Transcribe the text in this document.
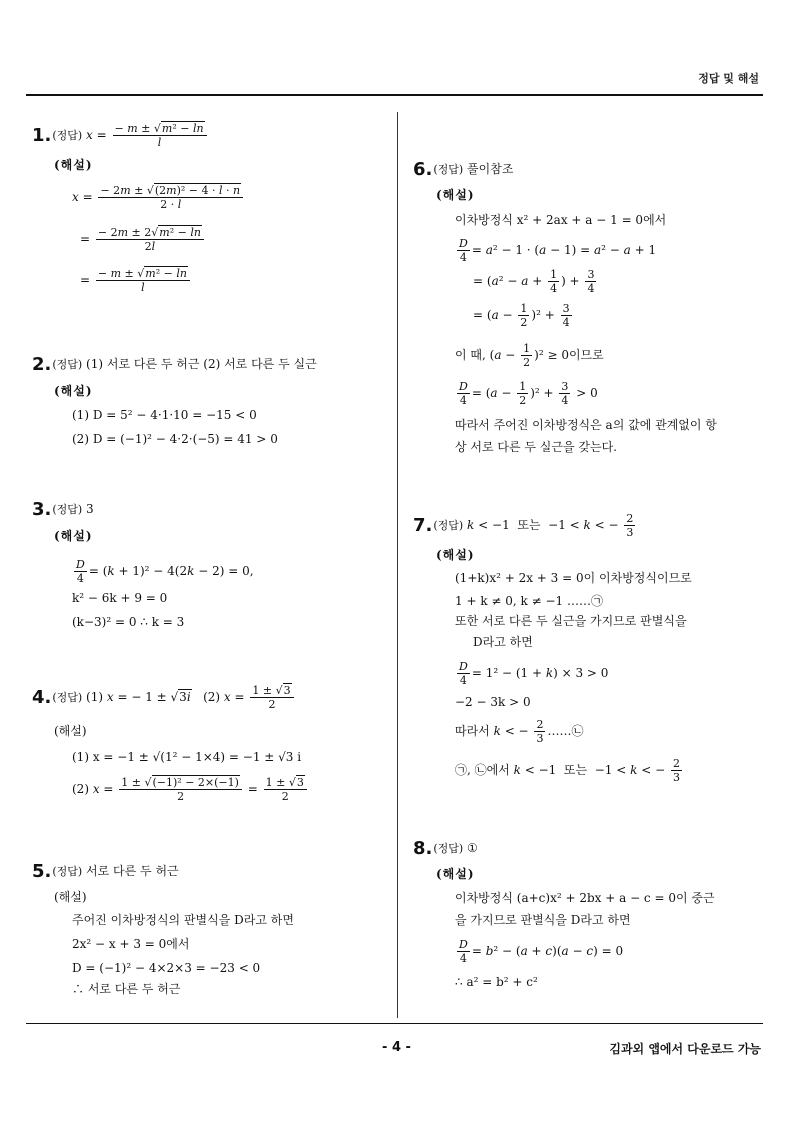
정답 및 해설
- 4 -	김과외 앱에서 다운로드 가능
1.(정답) $x = \frac{\text{− m ± √m² − ln}}{l}$
(해설)
$x = \frac{\text{− 2m ± √(2m)² − 4 · l · n}}{2 \cdot l}$
= $\frac{\text{− 2m ± 2√m² − ln}}{2l}$
= $\frac{\text{− m ± √m² − ln}}{l}$
2.(정답) (1) 서로 다른 두 허근 (2) 서로 다른 두 실근
(해설)
(1) D = 5² − 4·1·10 = −15 < 0
(2) D = (−1)² − 4·2·(−5) = 41 > 0
3.(정답) 3
(해설)
$\frac{D}{4} = (k + 1)^2 - 4(2k - 2) = 0$,
k² − 6k + 9 = 0
(k−3)² = 0 ∴ k = 3
4.(정답) (1) x = − 1 ± √3i   (2) $x = \frac{1 \pm √3}{2}$
(해설)
(1) x = −1 ± √(1² − 1×4) = −1 ± √3 i
(2) $x = \frac{\text{1 ± √(−1)² − 2×(−1)}}{2} = \frac{1 \pm √3}{2}$
5.(정답) 서로 다른 두 허근
(해설)
주어진 이차방정식의 판별식을 D라고 하면
2x² − x + 3 = 0에서
D = (−1)² − 4×2×3 = −23 < 0
∴ 서로 다른 두 허근
6.(정답) 풀이참조
(해설)
이차방정식 x² + 2ax + a − 1 = 0에서
$\frac{D}{4} = a^2 - 1 \cdot (a - 1) = a^2 - a + 1$
= ($a^2 - a + \frac{1}{4}$ ) + $\frac{3}{4}$
= $(a - \frac{1}{2} )^2 + \frac{3}{4}$
이 때, $(a - \frac{1}{2} )^2 \ge 0$이므로
$\frac{D}{4} = (a - \frac{1}{2} )^2 + \frac{3}{4} > 0$
따라서 주어진 이차방정식은 a의 값에 관계없이 항
상 서로 다른 두 실근을 갖는다.
7.(정답) k < −1  또는  −1 < k < − $\frac{2}{3}$
(해설)
(1+k)x² + 2x + 3 = 0이 이차방정식이므로
1 + k ≠ 0, k ≠ −1 ……㉠
또한 서로 다른 두 실근을 가지므로 판별식을
D라고 하면
$\frac{D}{4} = 1^2 - (1 + k) \times 3 > 0$
−2 − 3k > 0
따라서 k < − $\frac{2}{3}$ ……㉡
㉠, ㉡에서 k < −1  또는  −1 < k < − $\frac{2}{3}$
8.(정답) ①
(해설)
이차방정식 (a+c)x² + 2bx + a − c = 0이 중근
을 가지므로 판별식을 D라고 하면
$\frac{D}{4} = b^2 - (a + c)(a - c) = 0$
∴ a² = b² + c²
